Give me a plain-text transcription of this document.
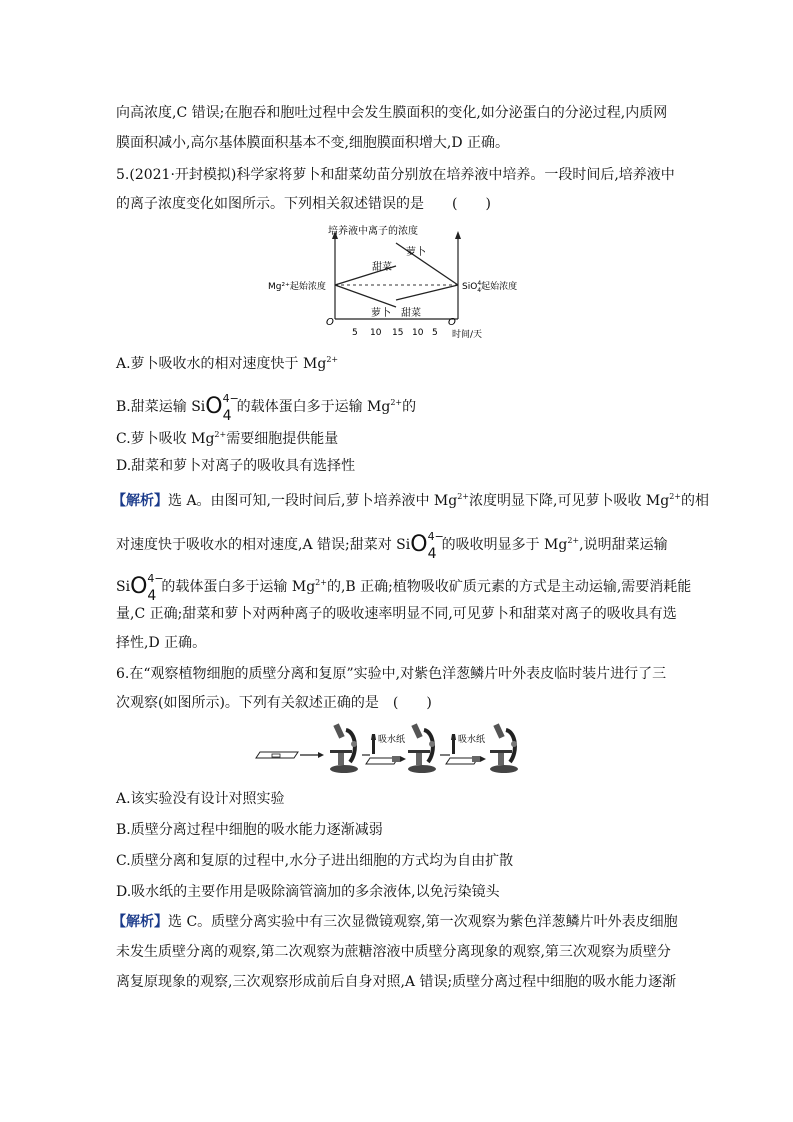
向高浓度,C 错误;在胞吞和胞吐过程中会发生膜面积的变化,如分泌蛋白的分泌过程,内质网
膜面积减小,高尔基体膜面积基本不变,细胞膜面积增大,D 正确。
5.(2021·开封模拟)科学家将萝卜和甜菜幼苗分别放在培养液中培养。一段时间后,培养液中
的离子浓度变化如图所示。下列相关叙述错误的是　　(　　)
培养液中离子的浓度
Mg²⁺起始浓度	SiO$^{4-}$4起始浓度
萝卜
甜菜
萝卜 甜菜
5 10 15 10 5 时间/天
O	O
A.萝卜吸收水的相对速度快于 $Mg^{2+}$
B.甜菜运输 SiO 4−
4
的载体蛋白多于运输 $Mg^{2+}$的
C.萝卜吸收 $Mg^{2+}$需要细胞提供能量
D.甜菜和萝卜对离子的吸收具有选择性
【解析】选 A。由图可知,一段时间后,萝卜培养液中 $Mg^{2+}$浓度明显下降,可见萝卜吸收 $Mg^{2+}$的相
对速度快于吸收水的相对速度,A 错误;甜菜对 SiO 4−
4
的吸收明显多于 $Mg^{2+}$,说明甜菜运输
SiO 4−
4
的载体蛋白多于运输 $Mg^{2+}$的,B 正确;植物吸收矿质元素的方式是主动运输,需要消耗能
量,C 正确;甜菜和萝卜对两种离子的吸收速率明显不同,可见萝卜和甜菜对离子的吸收具有选
择性,D 正确。
6.在“观察植物细胞的质壁分离和复原”实验中,对紫色洋葱鳞片叶外表皮临时装片进行了三
次观察(如图所示)。下列有关叙述正确的是　(　　)
吸水纸	吸水纸
A.该实验没有设计对照实验
B.质壁分离过程中细胞的吸水能力逐渐减弱
C.质壁分离和复原的过程中,水分子进出细胞的方式均为自由扩散
D.吸水纸的主要作用是吸除滴管滴加的多余液体,以免污染镜头
【解析】选 C。质壁分离实验中有三次显微镜观察,第一次观察为紫色洋葱鳞片叶外表皮细胞
未发生质壁分离的观察,第二次观察为蔗糖溶液中质壁分离现象的观察,第三次观察为质壁分
离复原现象的观察,三次观察形成前后自身对照,A 错误;质壁分离过程中细胞的吸水能力逐渐
